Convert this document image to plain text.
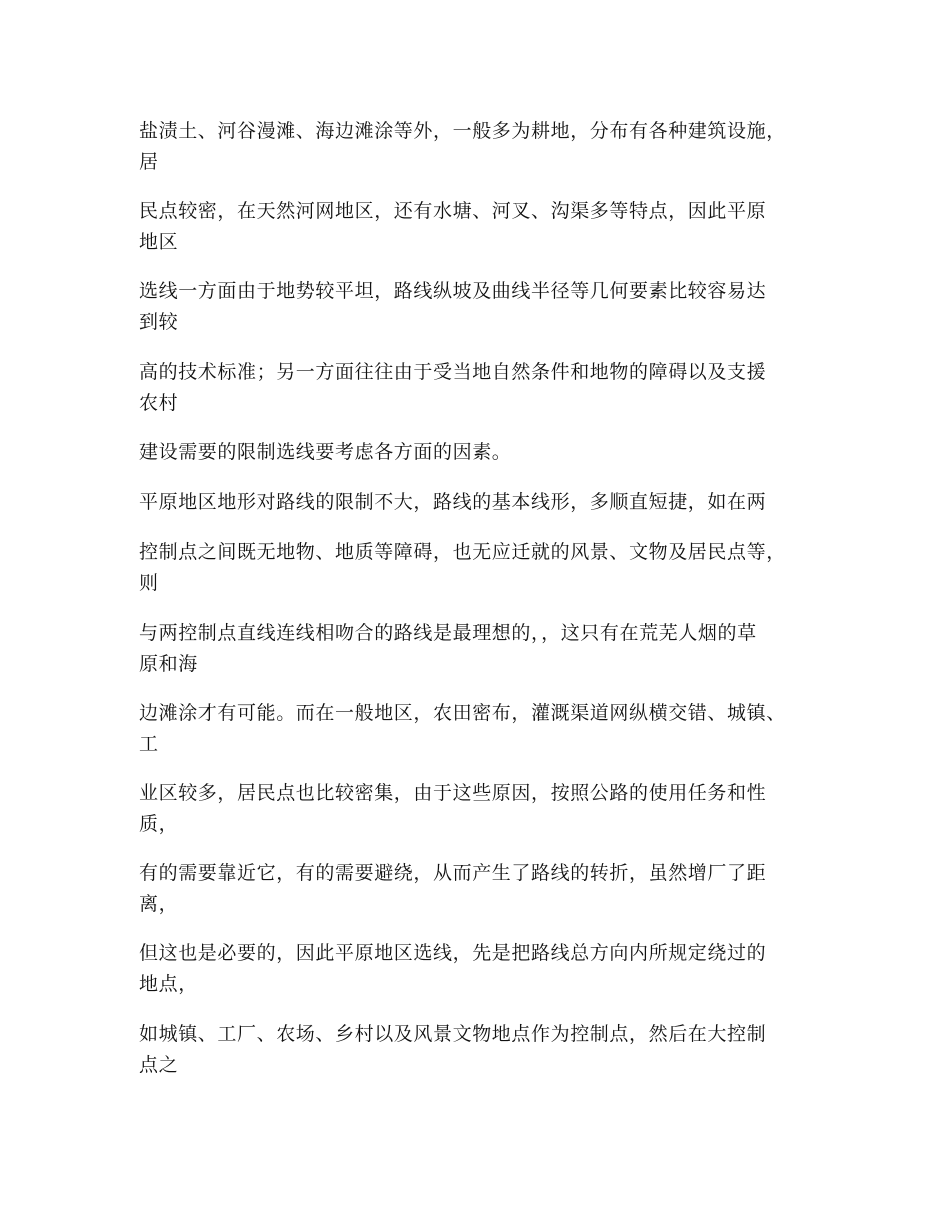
盐渍土、河谷漫滩、海边滩涂等外，一般多为耕地，分布有各种建筑设施，
居

民点较密，在天然河网地区，还有水塘、河叉、沟渠多等特点，因此平原
地区

选线一方面由于地势较平坦，路线纵坡及曲线半径等几何要素比较容易达
到较

高的技术标准；另一方面往往由于受当地自然条件和地物的障碍以及支援
农村

建设需要的限制选线要考虑各方面的因素。

平原地区地形对路线的限制不大，路线的基本线形，多顺直短捷，如在两

控制点之间既无地物、地质等障碍，也无应迁就的风景、文物及居民点等，
则

与两控制点直线连线相吻合的路线是最理想的，，这只有在荒芜人烟的草
原和海

边滩涂才有可能。而在一般地区，农田密布，灌溉渠道网纵横交错、城镇、
工

业区较多，居民点也比较密集，由于这些原因，按照公路的使用任务和性
质，

有的需要靠近它，有的需要避绕，从而产生了路线的转折，虽然增厂了距
离，

但这也是必要的，因此平原地区选线，先是把路线总方向内所规定绕过的
地点，

如城镇、工厂、农场、乡村以及风景文物地点作为控制点，然后在大控制
点之
